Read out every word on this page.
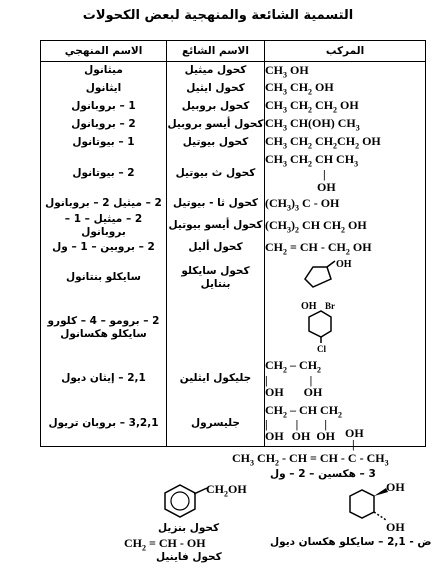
التسمية الشائعة والمنهجية لبعض الكحولات
الاسم المنهجي	الاسم الشائع	المركب
ميثانول	كحول ميثيل	$CH_3$ OH
ايثانول	كحول ايثيل	$CH_3$ $CH_2$ OH
1 – بروبانول	كحول بروبيل	$CH_3$ $CH_2$ $CH_2$ OH
2 – بروبانول	كحول أيسو بروبيل	$CH_3$ CH(OH) $CH_3$
1 – بيوتانول	كحول بيوتيل	$CH_3$ $CH_2$ $CH_2CH_2$ OH
2 – بيوتانول	كحول ث بيوتيل	$CH_3$ $CH_2$ CH $CH_3$
|
OH

2 – ميثيل 2 – بروبانول	كحول ثا - بيوتيل	$(CH_3)_3$ C - OH
2 – ميثيل – 1 – بروبانول	كحول أيسو بيوتيل	$(CH_3)_2$ CH $CH_2$ OH
2 – بروبين – 1 – ول	كحول أليل	$CH_2$ = CH - $CH_2$ OH
سايكلو بنتانول	كحول سايكلو بنتايل	OH

2 – برومو – 4 – كلورو سايكلو هكسانول		OH Br
Cl

2,1 – إيثان ديول	جليكول ايثلين	$CH_2 - CH_2$
| |
OH OH

3,2,1 – بروبان تريول	جليسرول	$CH_2$ – CH $CH_2$
| | |
OH OH OH OH
|
$CH_3$ $CH_2$ - CH = CH - C - $CH_3$
3 – هكسين – 2 – ول
$CH_2OH$
كحول بنزيل
$CH_2$ = CH - OH
كحول فاينيل
OH
OH
ض - 2,1 – سايكلو هكسان ديول
